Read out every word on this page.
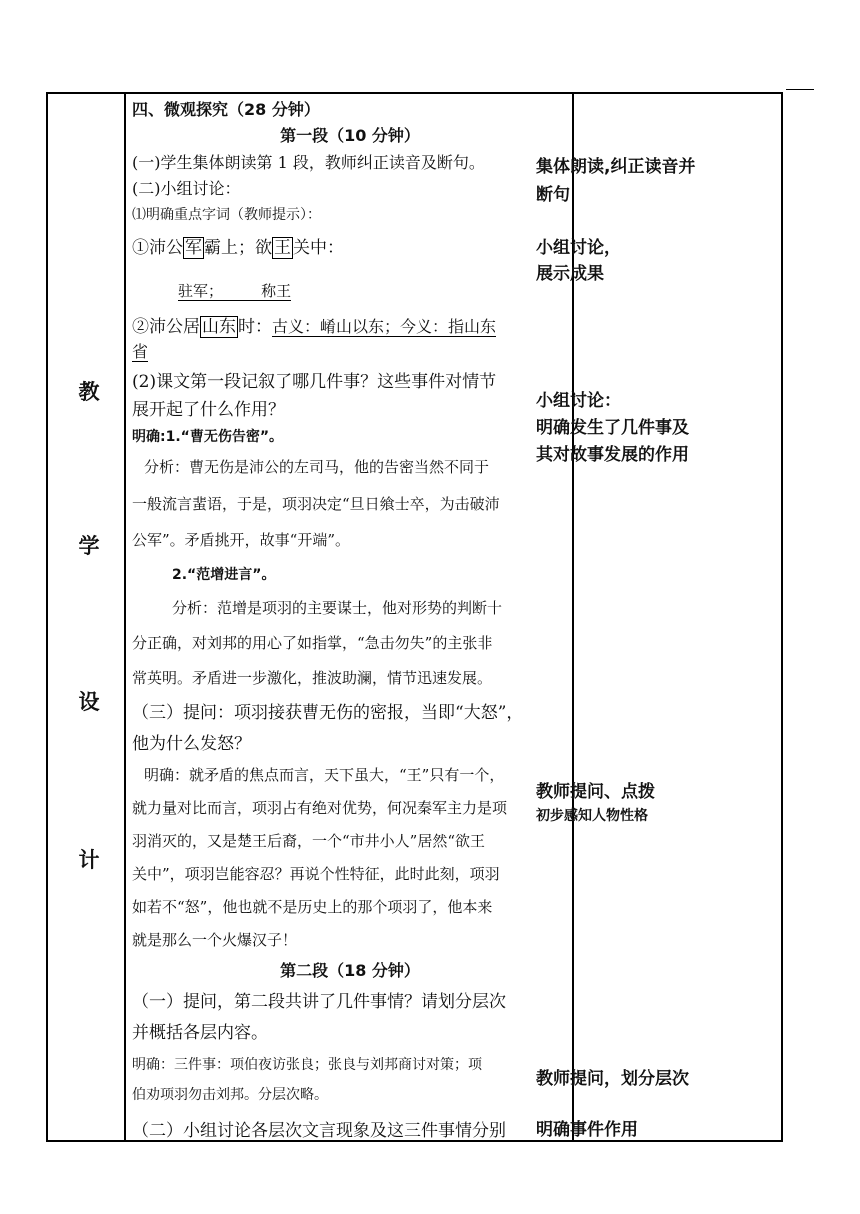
教
学
设
计
四、微观探究（28 分钟）
第一段（10 分钟）
(一)学生集体朗读第 1 段，教师纠正读音及断句。
(二)小组讨论：
⑴明确重点字词（教师提示）：
①沛公 军 霸上；欲 王 关中：
驻军；        称王
②沛公居 山东 时：古义：崤山以东；今义：指山东
省
(2)课文第一段记叙了哪几件事？这些事件对情节
展开起了什么作用？
明确:1.“曹无伤告密”。
分析：曹无伤是沛公的左司马，他的告密当然不同于
一般流言蜚语，于是，项羽决定“旦日飨士卒，为击破沛
公军”。矛盾挑开，故事“开端”。
2.“范增进言”。
分析：范增是项羽的主要谋士，他对形势的判断十
分正确，对刘邦的用心了如指掌，“急击勿失”的主张非
常英明。矛盾进一步激化，推波助澜，情节迅速发展。
（三）提问：项羽接获曹无伤的密报，当即“大怒”，
他为什么发怒？
明确：就矛盾的焦点而言，天下虽大，“王”只有一个，
就力量对比而言，项羽占有绝对优势，何况秦军主力是项
羽消灭的，又是楚王后裔，一个“市井小人”居然“欲王
关中”，项羽岂能容忍？再说个性特征，此时此刻，项羽
如若不“怒”，他也就不是历史上的那个项羽了，他本来
就是那么一个火爆汉子！
第二段（18 分钟）
（一）提问，第二段共讲了几件事情？请划分层次
并概括各层内容。
明确：三件事：项伯夜访张良；张良与刘邦商讨对策；项
伯劝项羽勿击刘邦。分层次略。
（二）小组讨论各层次文言现象及这三件事情分别
集体朗读,纠正读音并
断句
小组讨论，
展示成果
小组讨论：
明确发生了几件事及
其对故事发展的作用
教师提问、点拨
初步感知人物性格
教师提问，划分层次
明确事件作用
